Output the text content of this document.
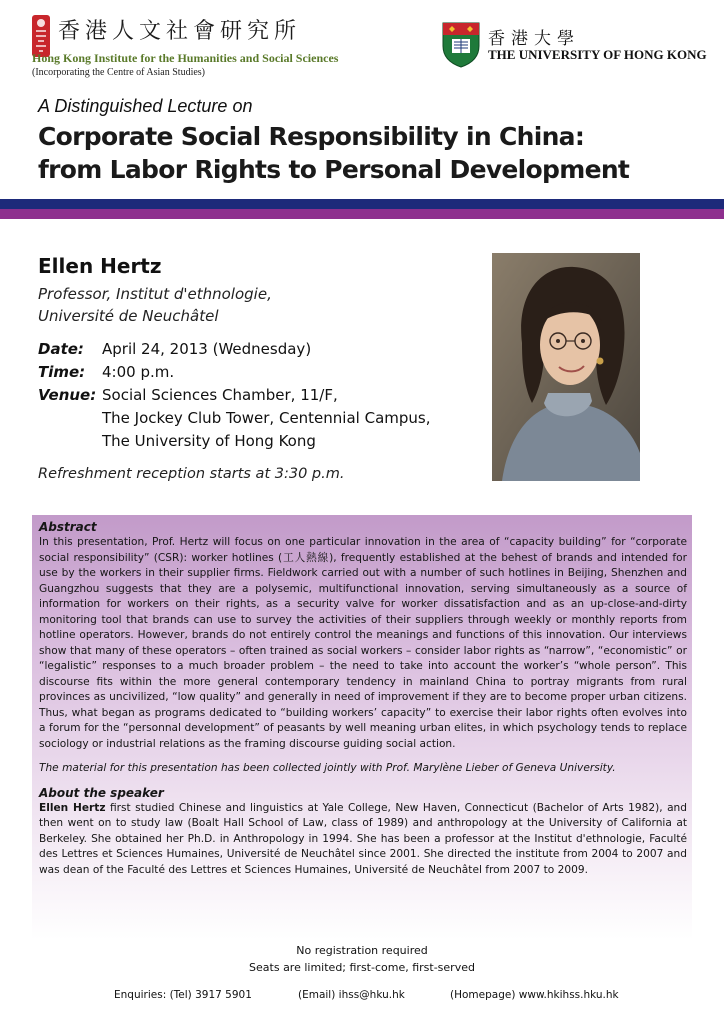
香港人文社會研究所
Hong Kong Institute for the Humanities and Social Sciences
(Incorporating the Centre of Asian Studies)
香港大學
THE UNIVERSITY OF HONG KONG
A Distinguished Lecture on
Corporate Social Responsibility in China:
from Labor Rights to Personal Development
Ellen Hertz
Professor, Institut d'ethnologie,
Université de Neuchâtel
Date: April 24, 2013 (Wednesday)
Time: 4:00 p.m.
Venue: Social Sciences Chamber, 11/F,
The Jockey Club Tower, Centennial Campus,
The University of Hong Kong
Refreshment reception starts at 3:30 p.m.
Abstract

In this presentation, Prof. Hertz will focus on one particular innovation in the area of “capacity building” for “corporate social responsibility” (CSR): worker hotlines (工人熱線), frequently established at the behest of brands and intended for use by the workers in their supplier firms. Fieldwork carried out with a number of such hotlines in Beijing, Shenzhen and Guangzhou suggests that they are a polysemic, multifunctional innovation, serving simultaneously as a source of information for workers on their rights, as a security valve for worker dissatisfaction and as an up-close-and-dirty monitoring tool that brands can use to survey the activities of their suppliers through weekly or monthly reports from hotline operators. However, brands do not entirely control the meanings and functions of this innovation. Our interviews show that many of these operators – often trained as social workers – consider labor rights as “narrow”, “economistic” or “legalistic” responses to a much broader problem – the need to take into account the worker’s “whole person”. This discourse fits within the more general contemporary tendency in mainland China to portray migrants from rural provinces as uncivilized, “low quality” and generally in need of improvement if they are to become proper urban citizens. Thus, what began as programs dedicated to “building workers’ capacity” to exercise their labor rights often evolves into a forum for the “personnal development” of peasants by well meaning urban elites, in which psychology tends to replace sociology or industrial relations as the framing discourse guiding social action.

The material for this presentation has been collected jointly with Prof. Marylène Lieber of Geneva University.
About the speaker

Ellen Hertz first studied Chinese and linguistics at Yale College, New Haven, Connecticut (Bachelor of Arts 1982), and then went on to study law (Boalt Hall School of Law, class of 1989) and anthropology at the University of California at Berkeley. She obtained her Ph.D. in Anthropology in 1994. She has been a professor at the Institut d'ethnologie, Faculté des Lettres et Sciences Humaines, Université de Neuchâtel since 2001. She directed the institute from 2004 to 2007 and was dean of the Faculté des Lettres et Sciences Humaines, Université de Neuchâtel from 2007 to 2009.

No registration required
Seats are limited; first-come, first-served
Enquiries: (Tel) 3917 5901	(Email) ihss@hku.hk	(Homepage) www.hkihss.hku.hk
